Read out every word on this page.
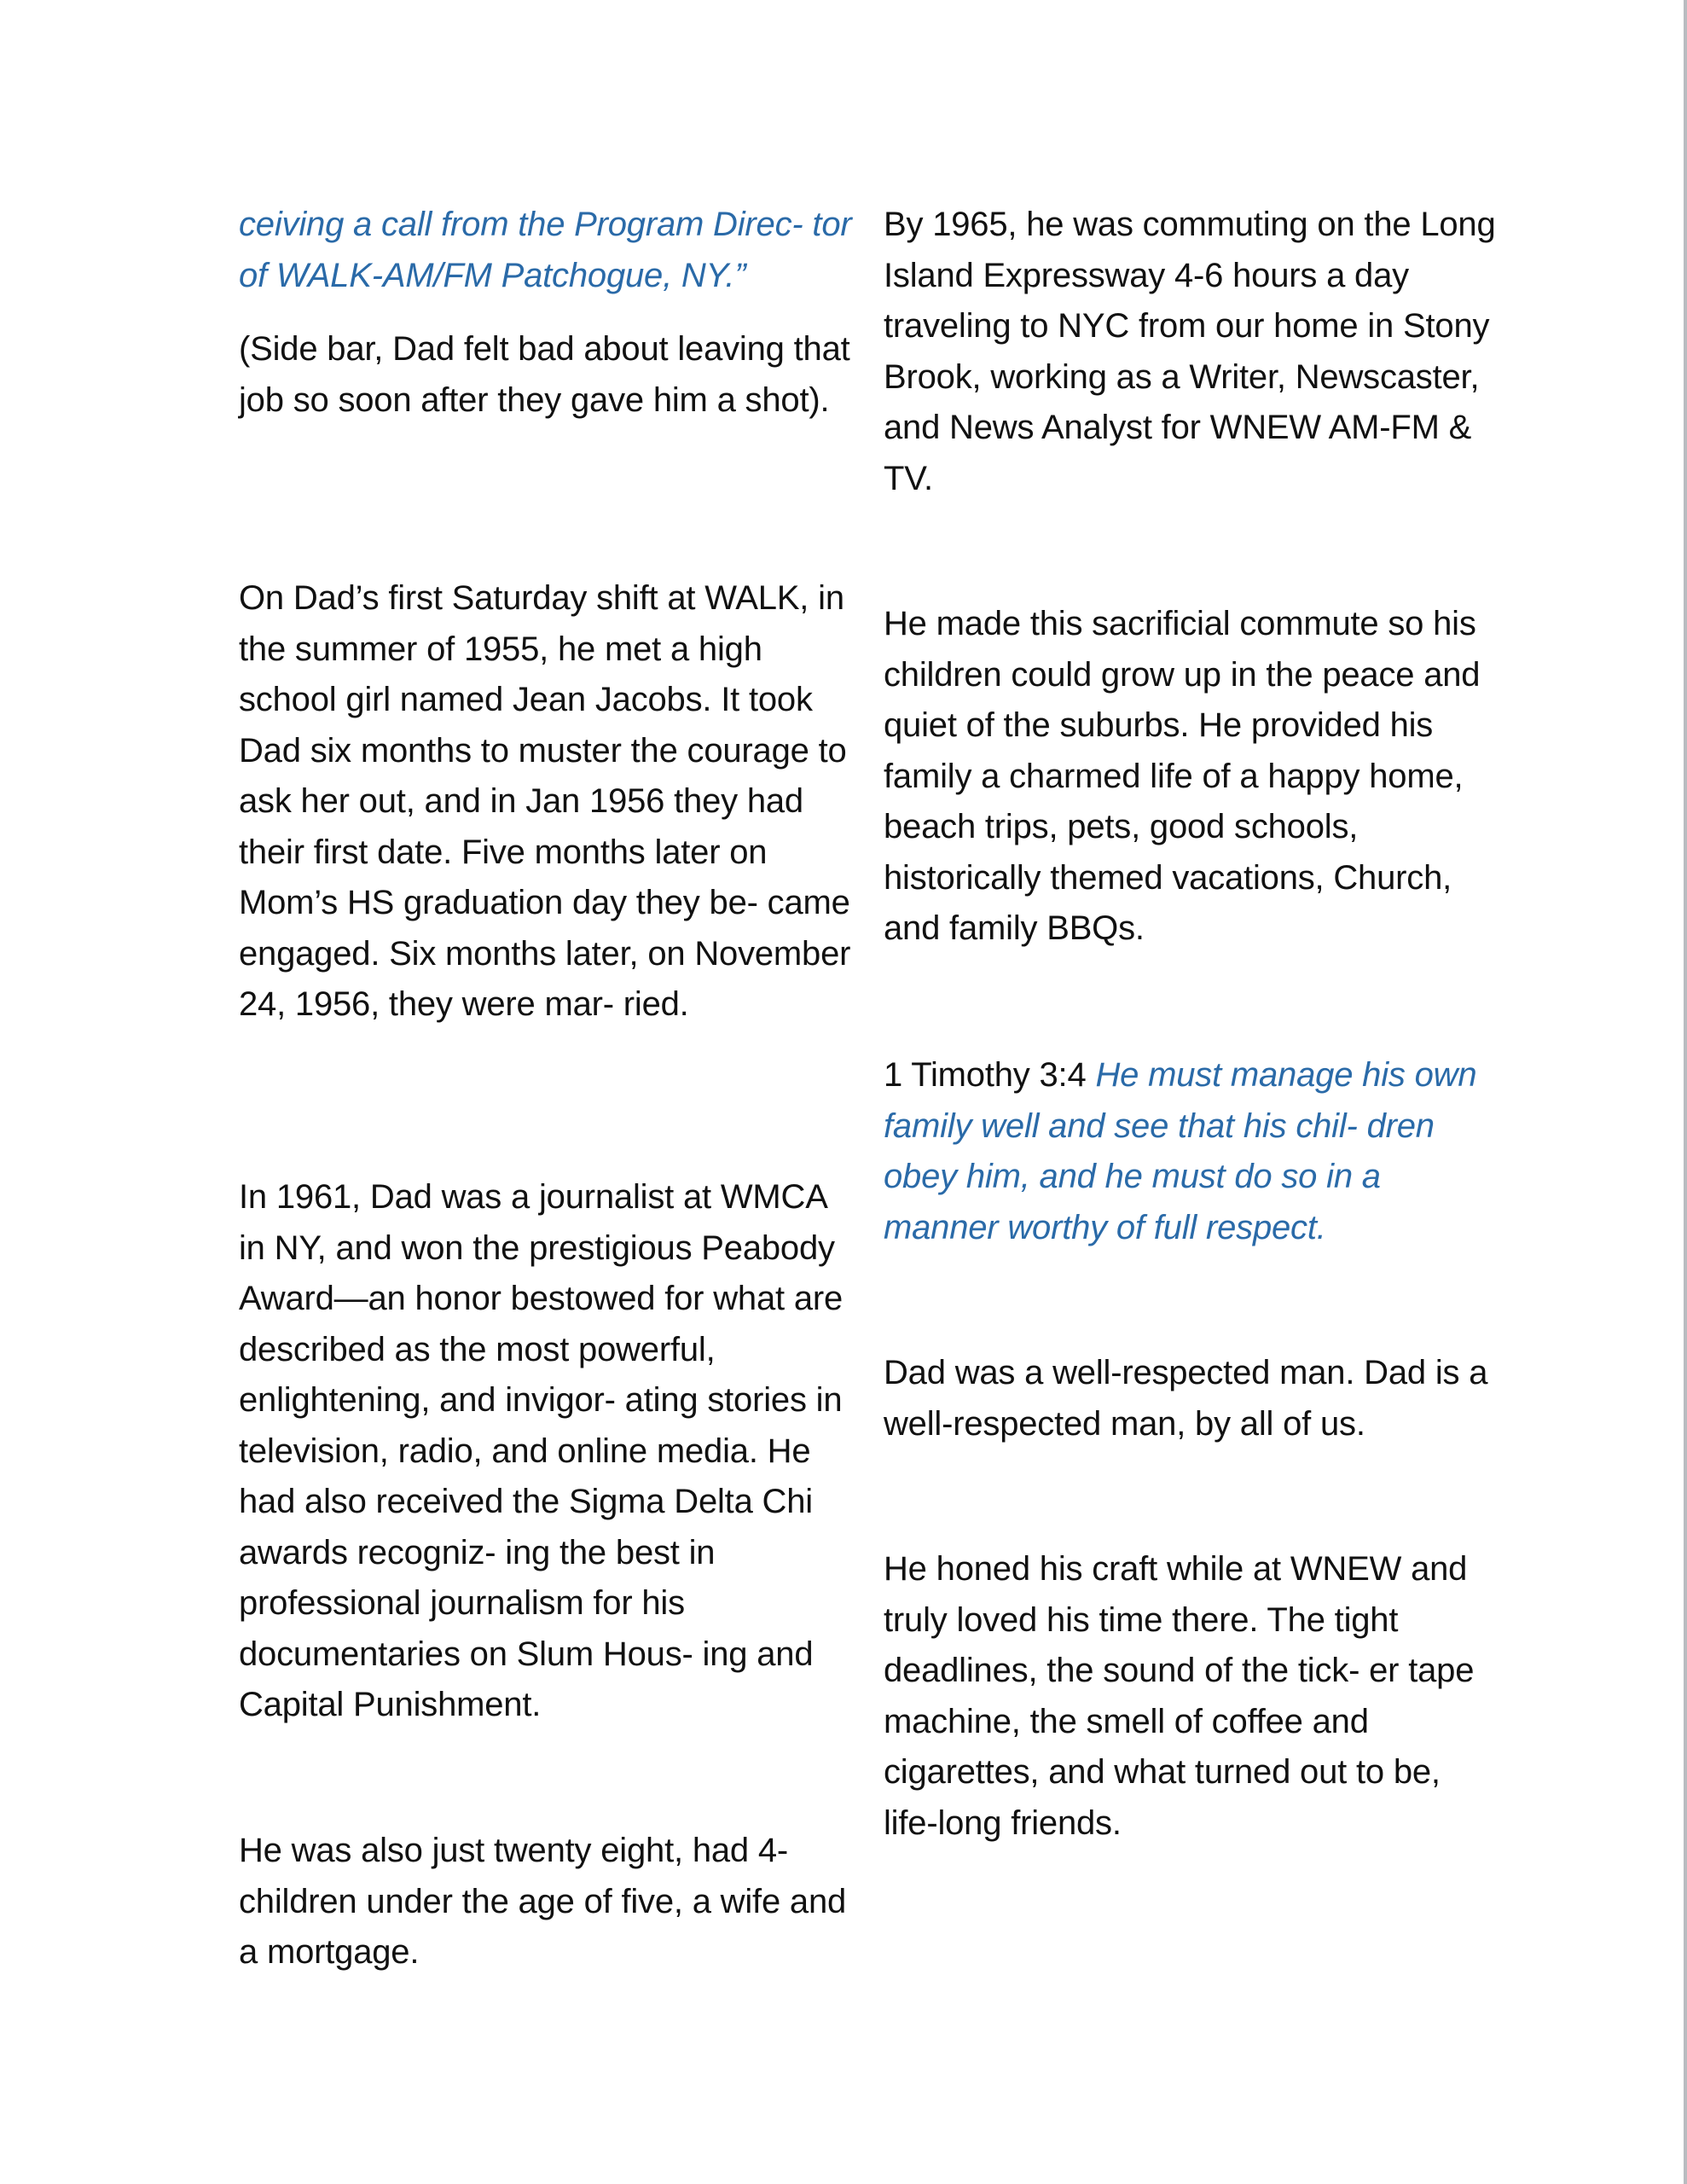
ceiving a call from the Program Direc- tor of WALK-AM/FM Patchogue, NY.”

(Side bar, Dad felt bad about leaving that job so soon after they gave him a shot).

On Dad’s first Saturday shift at WALK, in the summer of 1955, he met a high school girl named Jean Jacobs. It took Dad six months to muster the courage to ask her out, and in Jan 1956 they had their first date. Five months later on Mom’s HS graduation day they be- came engaged. Six months later, on November 24, 1956, they were mar- ried.

In 1961, Dad was a journalist at WMCA in NY, and won the prestigious Peabody Award—an honor bestowed for what are described as the most powerful, enlightening, and invigor- ating stories in television, radio, and online media. He had also received the Sigma Delta Chi awards recogniz- ing the best in professional journalism for his documentaries on Slum Hous- ing and Capital Punishment.

He was also just twenty eight, had 4- children under the age of five, a wife and a mortgage.

By 1965, he was commuting on the Long Island Expressway 4-6 hours a day traveling to NYC from our home in Stony Brook, working as a Writer, Newscaster, and News Analyst for WNEW AM-FM & TV.

He made this sacrificial commute so his children could grow up in the peace and quiet of the suburbs. He provided his family a charmed life of a happy home, beach trips, pets, good schools, historically themed vacations, Church, and family BBQs.

1 Timothy 3:4 He must manage his own family well and see that his chil- dren obey him, and he must do so in a manner worthy of full respect.

Dad was a well-respected man. Dad is a well-respected man, by all of us.

He honed his craft while at WNEW and truly loved his time there. The tight deadlines, the sound of the tick- er tape machine, the smell of coffee and cigarettes, and what turned out to be, life-long friends.
